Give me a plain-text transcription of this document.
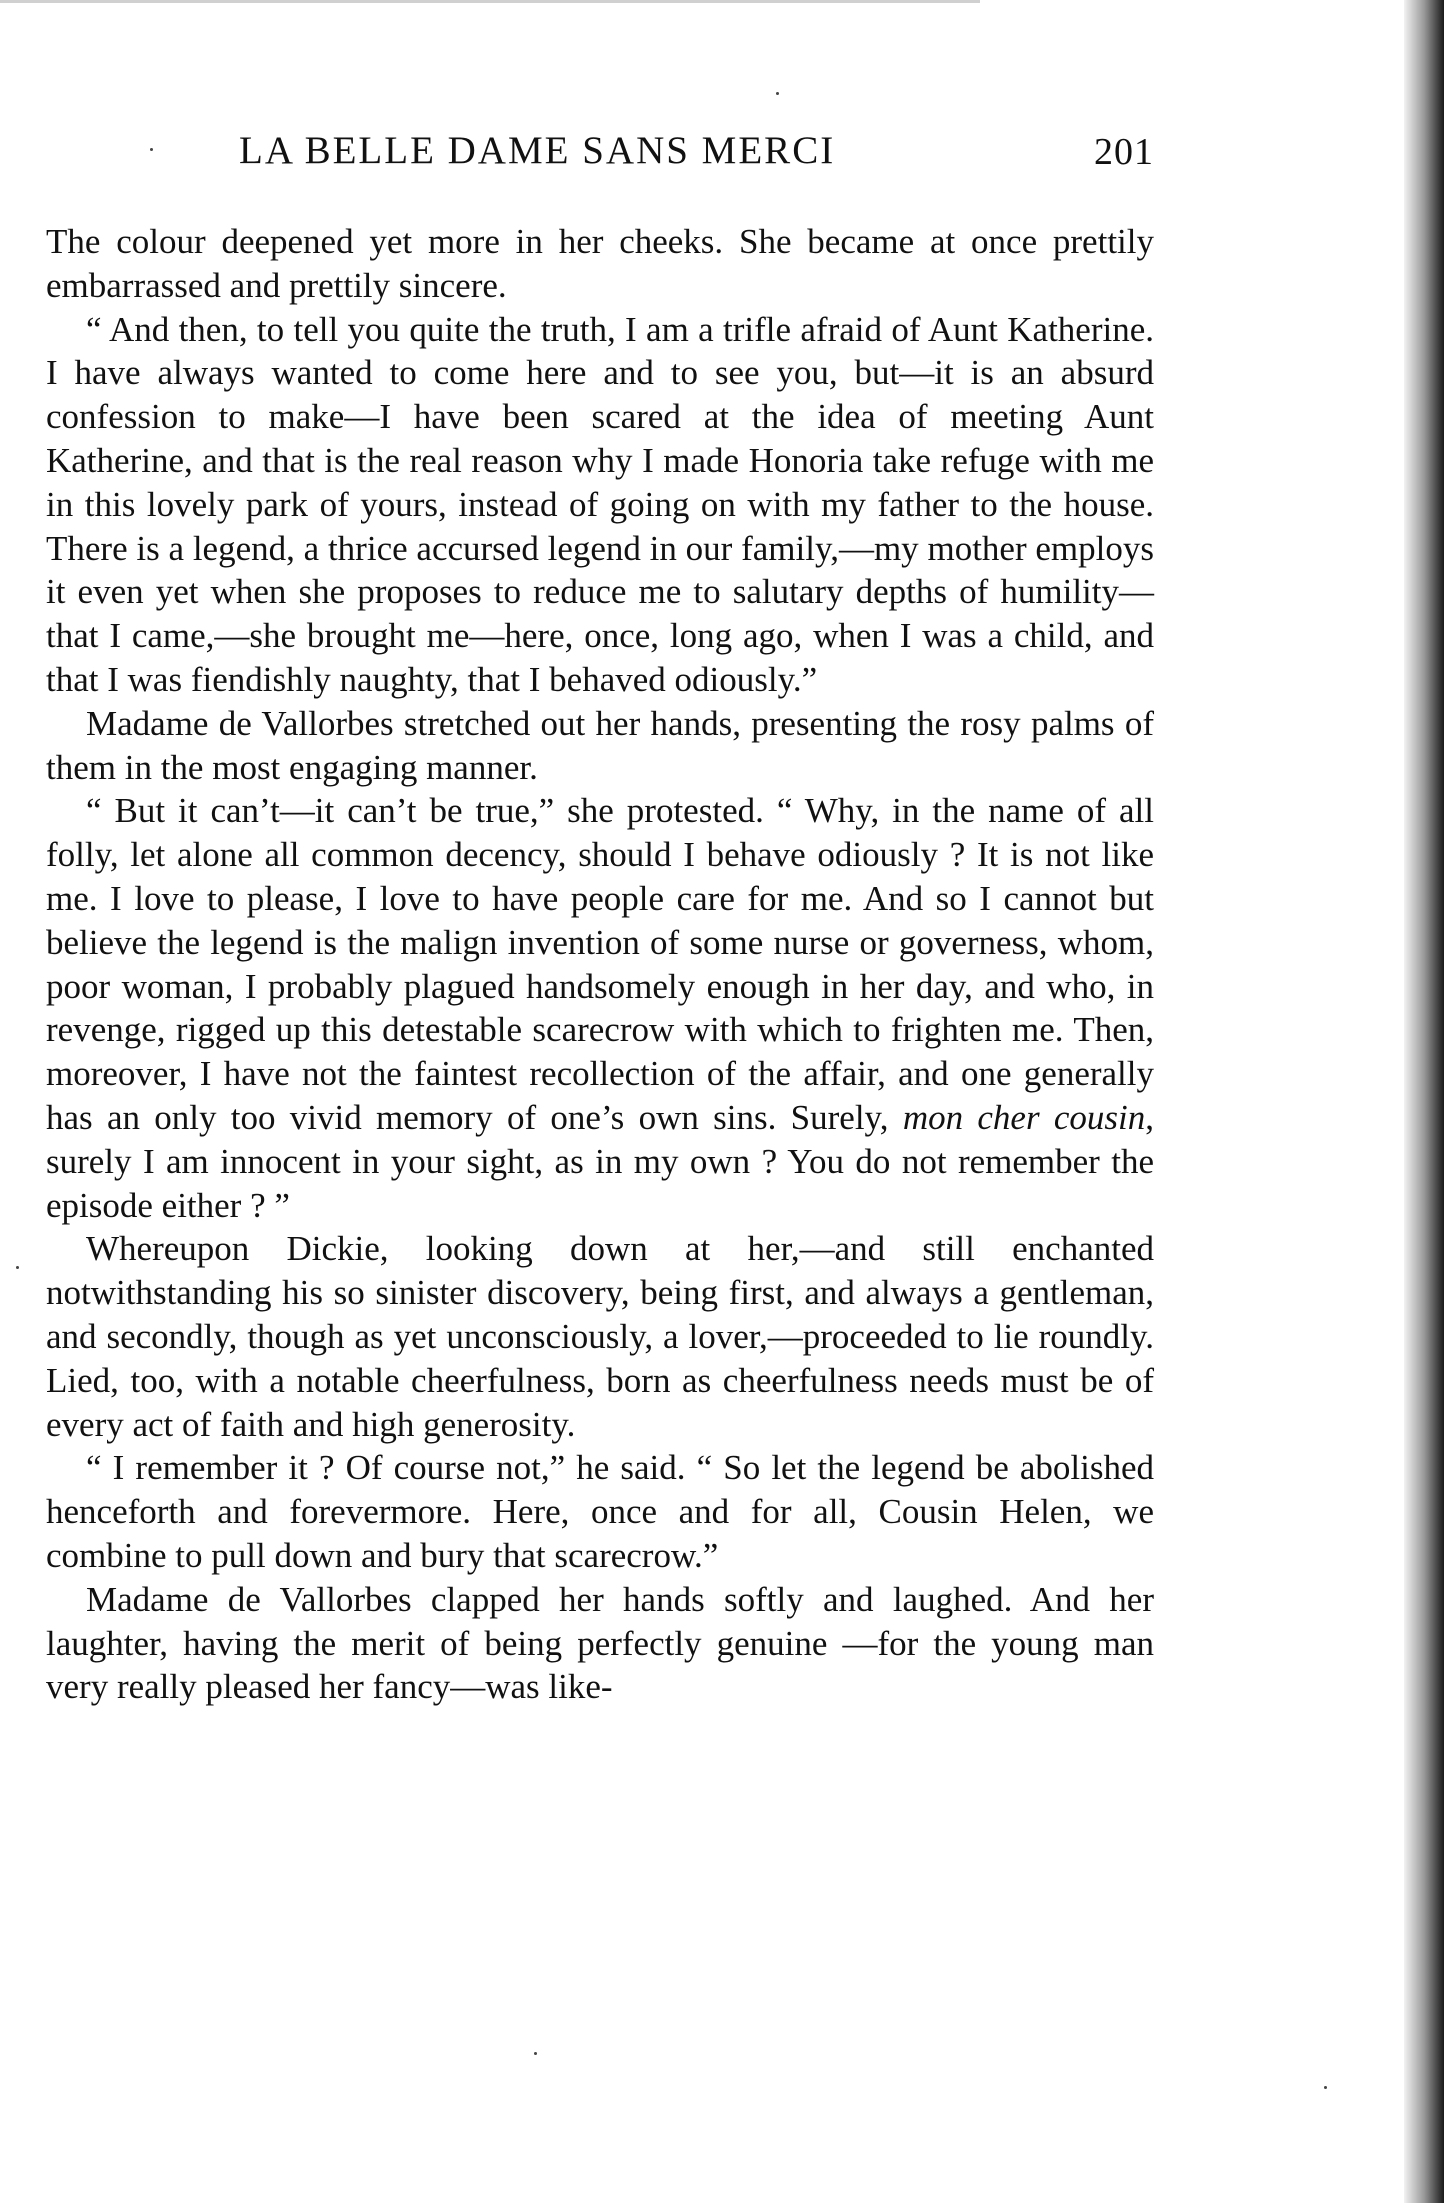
LA BELLE DAME SANS MERCI	201

The colour deepened yet more in her cheeks. She became at once prettily embarrassed and prettily sincere.

“ And then, to tell you quite the truth, I am a trifle afraid of Aunt Katherine. I have always wanted to come here and to see you, but—it is an absurd confession to make—I have been scared at the idea of meeting Aunt Katherine, and that is the real reason why I made Honoria take refuge with me in this lovely park of yours, instead of going on with my father to the house. There is a legend, a thrice accursed legend in our family,—my mother employs it even yet when she proposes to reduce me to salutary depths of humility—that I came,—she brought me—here, once, long ago, when I was a child, and that I was fiendishly naughty, that I behaved odiously.”

Madame de Vallorbes stretched out her hands, presenting the rosy palms of them in the most engaging manner.

“ But it can’t—it can’t be true,” she protested. “ Why, in the name of all folly, let alone all common decency, should I behave odiously ? It is not like me. I love to please, I love to have people care for me. And so I cannot but believe the legend is the malign invention of some nurse or governess, whom, poor woman, I probably plagued handsomely enough in her day, and who, in revenge, rigged up this detestable scarecrow with which to frighten me. Then, moreover, I have not the faintest recollection of the affair, and one generally has an only too vivid memory of one’s own sins. Surely, mon cher cousin, surely I am innocent in your sight, as in my own ? You do not remember the episode either ? ”

Whereupon Dickie, looking down at her,—and still enchanted notwithstanding his so sinister discovery, being first, and always a gentleman, and secondly, though as yet unconsciously, a lover,—proceeded to lie roundly. Lied, too, with a notable cheerfulness, born as cheerfulness needs must be of every act of faith and high generosity.

“ I remember it ? Of course not,” he said. “ So let the legend be abolished henceforth and forevermore. Here, once and for all, Cousin Helen, we combine to pull down and bury that scarecrow.”

Madame de Vallorbes clapped her hands softly and laughed. And her laughter, having the merit of being perfectly genuine —for the young man very really pleased her fancy—was like-
